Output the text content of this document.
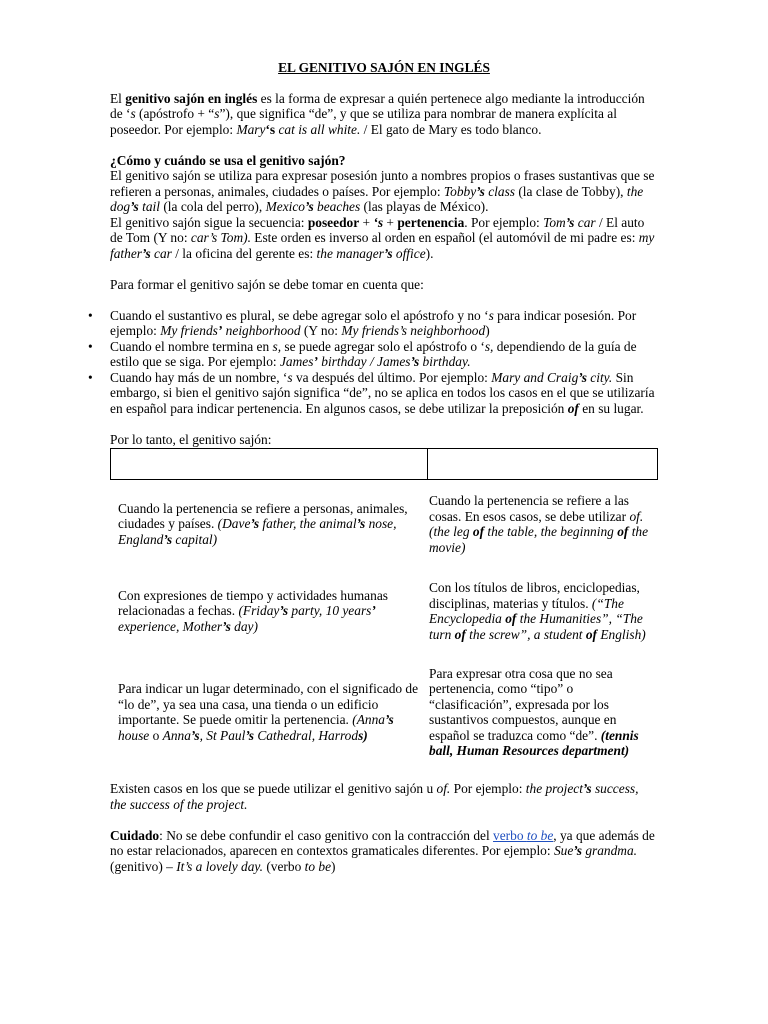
EL GENITIVO SAJÓN EN INGLÉS

El genitivo sajón en inglés es la forma de expresar a quién pertenece algo mediante la introducción de ‘s (apóstrofo + “s”), que significa “de”, y que se utiliza para nombrar de manera explícita al poseedor. Por ejemplo: Mary‘s cat is all white. / El gato de Mary es todo blanco.

¿Cómo y cuándo se usa el genitivo sajón?

El genitivo sajón se utiliza para expresar posesión junto a nombres propios o frases sustantivas que se refieren a personas, animales, ciudades o países. Por ejemplo: Tobby’s class (la clase de Tobby), the dog’s tail (la cola del perro), Mexico’s beaches (las playas de México).

El genitivo sajón sigue la secuencia: poseedor + ‘s + pertenencia. Por ejemplo: Tom’s car / El auto de Tom (Y no: car’s Tom). Este orden es inverso al orden en español (el automóvil de mi padre es: my father’s car / la oficina del gerente es: the manager’s office).

Para formar el genitivo sajón se debe tomar en cuenta que:

• Cuando el sustantivo es plural, se debe agregar solo el apóstrofo y no ‘s para indicar posesión. Por ejemplo: My friends’ neighborhood (Y no: My friends’s neighborhood)
• Cuando el nombre termina en s, se puede agregar solo el apóstrofo o ‘s, dependiendo de la guía de estilo que se siga. Por ejemplo: James’ birthday / James’s birthday.
• Cuando hay más de un nombre, ‘s va después del último. Por ejemplo: Mary and Craig’s city. Sin embargo, si bien el genitivo sajón significa “de”, no se aplica en todos los casos en el que se utilizaría en español para indicar pertenencia. En algunos casos, se debe utilizar la preposición of en su lugar.

Por lo tanto, el genitivo sajón:

Cuando la pertenencia se refiere a personas, animales, ciudades y países. (Dave’s father, the animal’s nose, England’s capital)

Cuando la pertenencia se refiere a las cosas. En esos casos, se debe utilizar of. (the leg of the table, the beginning of the movie)

Con expresiones de tiempo y actividades humanas relacionadas a fechas. (Friday’s party, 10 years’ experience, Mother’s day)

Con los títulos de libros, enciclopedias, disciplinas, materias y títulos. (“The Encyclopedia of the Humanities”, “The turn of the screw”, a student of English)

Para indicar un lugar determinado, con el significado de “lo de”, ya sea una casa, una tienda o un edificio importante. Se puede omitir la pertenencia. (Anna’s house o Anna’s, St Paul’s Cathedral, Harrods)

Para expresar otra cosa que no sea pertenencia, como “tipo” o “clasificación”, expresada por los sustantivos compuestos, aunque en español se traduzca como “de”. (tennis ball, Human Resources department)

Existen casos en los que se puede utilizar el genitivo sajón u of. Por ejemplo: the project’s success, the success of the project.

Cuidado: No se debe confundir el caso genitivo con la contracción del verbo to be, ya que además de no estar relacionados, aparecen en contextos gramaticales diferentes. Por ejemplo: Sue’s grandma. (genitivo) – It’s a lovely day. (verbo to be)
